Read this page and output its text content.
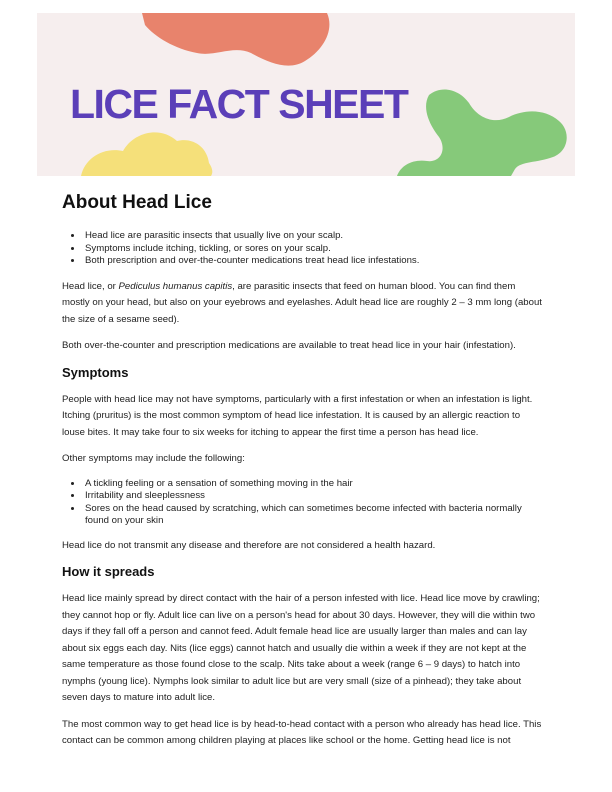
LICE FACT SHEET
About Head Lice
• Head lice are parasitic insects that usually live on your scalp.
• Symptoms include itching, tickling, or sores on your scalp.
• Both prescription and over-the-counter medications treat head lice infestations.

Head lice, or Pediculus humanus capitis, are parasitic insects that feed on human blood. You can find them mostly on your head, but also on your eyebrows and eyelashes. Adult head lice are roughly 2 – 3 mm long (about the size of a sesame seed).

Both over-the-counter and prescription medications are available to treat head lice in your hair (infestation).

Symptoms

People with head lice may not have symptoms, particularly with a first infestation or when an infestation is light. Itching (pruritus) is the most common symptom of head lice infestation. It is caused by an allergic reaction to louse bites. It may take four to six weeks for itching to appear the first time a person has head lice.

Other symptoms may include the following:

• A tickling feeling or a sensation of something moving in the hair
• Irritability and sleeplessness
• Sores on the head caused by scratching, which can sometimes become infected with bacteria normally found on your skin

Head lice do not transmit any disease and therefore are not considered a health hazard.

How it spreads

Head lice mainly spread by direct contact with the hair of a person infested with lice. Head lice move by crawling; they cannot hop or fly. Adult lice can live on a person's head for about 30 days. However, they will die within two days if they fall off a person and cannot feed. Adult female head lice are usually larger than males and can lay about six eggs each day. Nits (lice eggs) cannot hatch and usually die within a week if they are not kept at the same temperature as those found close to the scalp. Nits take about a week (range 6 – 9 days) to hatch into nymphs (young lice). Nymphs look similar to adult lice but are very small (size of a pinhead); they take about seven days to mature into adult lice.

The most common way to get head lice is by head-to-head contact with a person who already has head lice. This contact can be common among children playing at places like school or the home. Getting head lice is not
